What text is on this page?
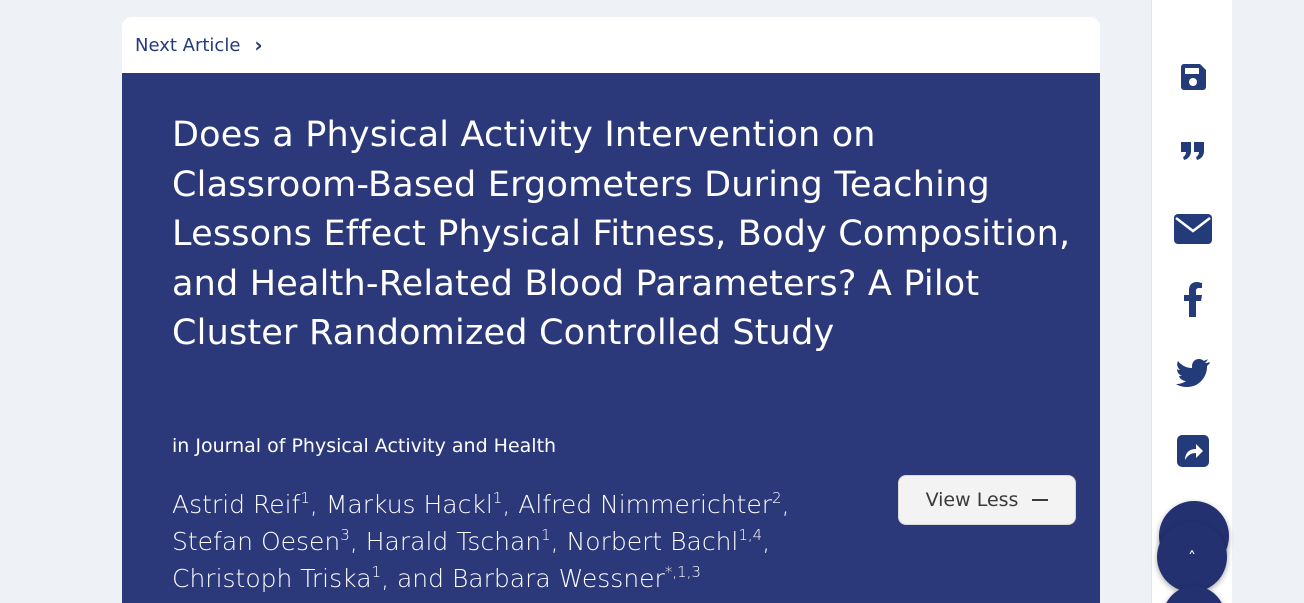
Next Article ›
Does a Physical Activity Intervention on Classroom-Based Ergometers During Teaching Lessons Effect Physical Fitness, Body Composition, and Health-Related Blood Parameters? A Pilot Cluster Randomized Controlled Study
in Journal of Physical Activity and Health
Astrid Reif$^1$, Markus Hackl$^1$, Alfred Nimmerichter$^2$,
Stefan Oesen$^3$, Harald Tschan$^1$, Norbert Bachl$^{1,4}$,
Christoph Triska$^1$, and Barbara Wessner$^{*,1,3}$
View Less
˄
